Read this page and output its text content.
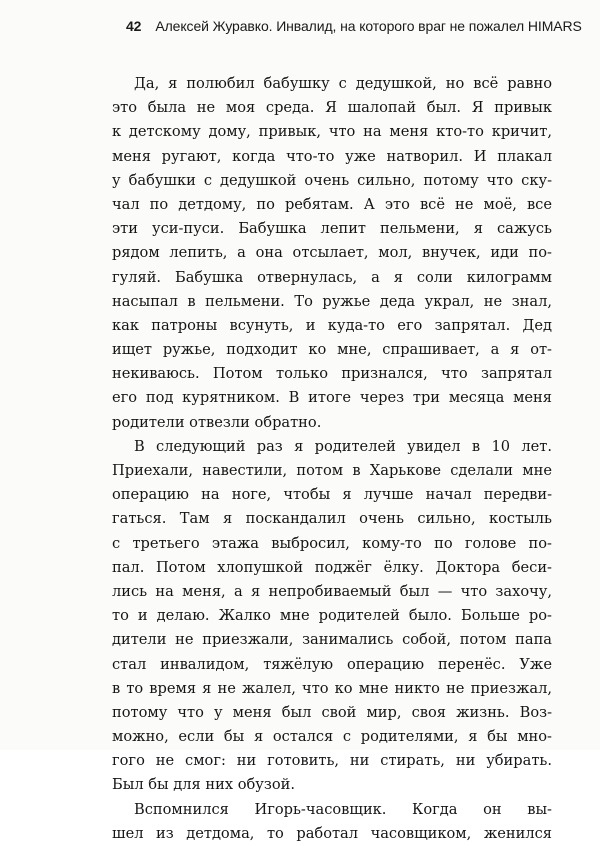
42 Алексей Журавко. Инвалид, на которого враг не пожалел HIMARS
Да, я полюбил бабушку с дедушкой, но всё равно
это была не моя среда. Я шалопай был. Я привык
к детскому дому, привык, что на меня кто-то кричит,
меня ругают, когда что-то уже натворил. И плакал
у бабушки с дедушкой очень сильно, потому что ску-
чал по детдому, по ребятам. А это всё не моё, все
эти уси-пуси. Бабушка лепит пельмени, я сажусь
рядом лепить, а она отсылает, мол, внучек, иди по-
гуляй. Бабушка отвернулась, а я соли килограмм
насыпал в пельмени. То ружье деда украл, не знал,
как патроны всунуть, и куда-то его запрятал. Дед
ищет ружье, подходит ко мне, спрашивает, а я от-
некиваюсь. Потом только признался, что запрятал
его под курятником. В итоге через три месяца меня
родители отвезли обратно.
В следующий раз я родителей увидел в 10 лет.
Приехали, навестили, потом в Харькове сделали мне
операцию на ноге, чтобы я лучше начал передви-
гаться. Там я поскандалил очень сильно, костыль
с третьего этажа выбросил, кому-то по голове по-
пал. Потом хлопушкой поджёг ёлку. Доктора беси-
лись на меня, а я непробиваемый был — что захочу,
то и делаю. Жалко мне родителей было. Больше ро-
дители не приезжали, занимались собой, потом папа
стал инвалидом, тяжёлую операцию перенёс. Уже
в то время я не жалел, что ко мне никто не приезжал,
потому что у меня был свой мир, своя жизнь. Воз-
можно, если бы я остался с родителями, я бы мно-
гого не смог: ни готовить, ни стирать, ни убирать.
Был бы для них обузой.
Вспомнился Игорь-часовщик. Когда он вы-
шел из детдома, то работал часовщиком, женился
